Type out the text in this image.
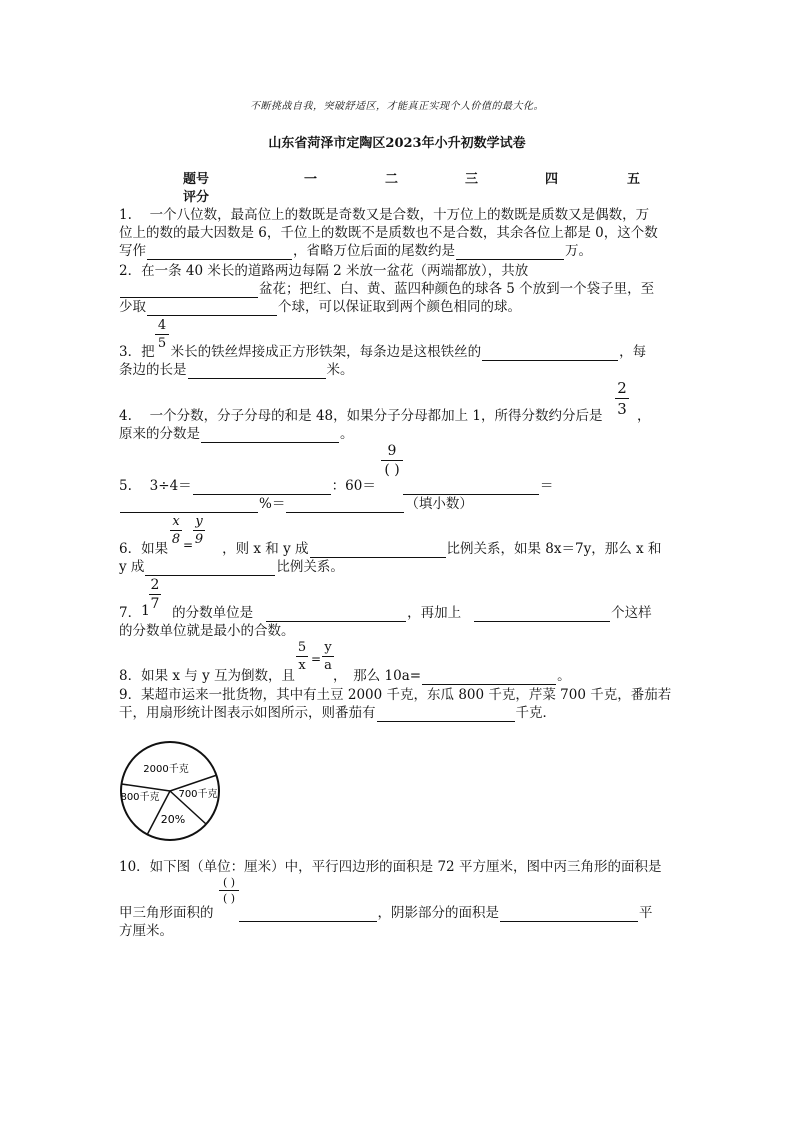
不断挑战自我，突破舒适区，才能真正实现个人价值的最大化。
山东省菏泽市定陶区2023年小升初数学试卷
题号	一	二	三	四	五
评分
1.　 一个八位数，最高位上的数既是奇数又是合数，十万位上的数既是质数又是偶数，万
位上的数的最大因数是 6，千位上的数既不是质数也不是合数，其余各位上都是 0，这个数
写作	，省略万位后面的尾数约是	万。
2．在一条 40 米长的道路两边每隔 2 米放一盆花（两端都放），共放
盆花；把红、白、黄、蓝四种颜色的球各 5 个放到一个袋子里，至
少取	个球，可以保证取到两个颜色相同的球。
4
5
3．把 米长的铁丝焊接成正方形铁架，每条边是这根铁丝的	，每
条边的长是	米。
2
3
4.　 一个分数，分子分母的和是 48，如果分子分母都加上 1，所得分数约分后是	，
原来的分数是	。
9
( )
5.　 3÷4＝	：60＝	＝
%＝	（填小数）
x
8 =
y
9
6．如果	，则 x 和 y 成	比例关系，如果 8x＝7y，那么 x 和
y 成	比例关系。
1
2
7
7． 的分数单位是	，再加上	个这样
的分数单位就是最小的合数。
5
x =
y
a
8．如果 x 与 y 互为倒数，且	，　那么 10a=	。
9．某超市运来一批货物，其中有土豆 2000 千克，东瓜 800 千克，芹菜 700 千克，番茄若
干，用扇形统计图表示如图所示，则番茄有	千克．
2000千克
800千克 700千克
20%
10．如下图（单位：厘米）中，平行四边形的面积是 72 平方厘米，图中丙三角形的面积是
( )
( )
甲三角形面积的	，阴影部分的面积是	平
方厘米。
